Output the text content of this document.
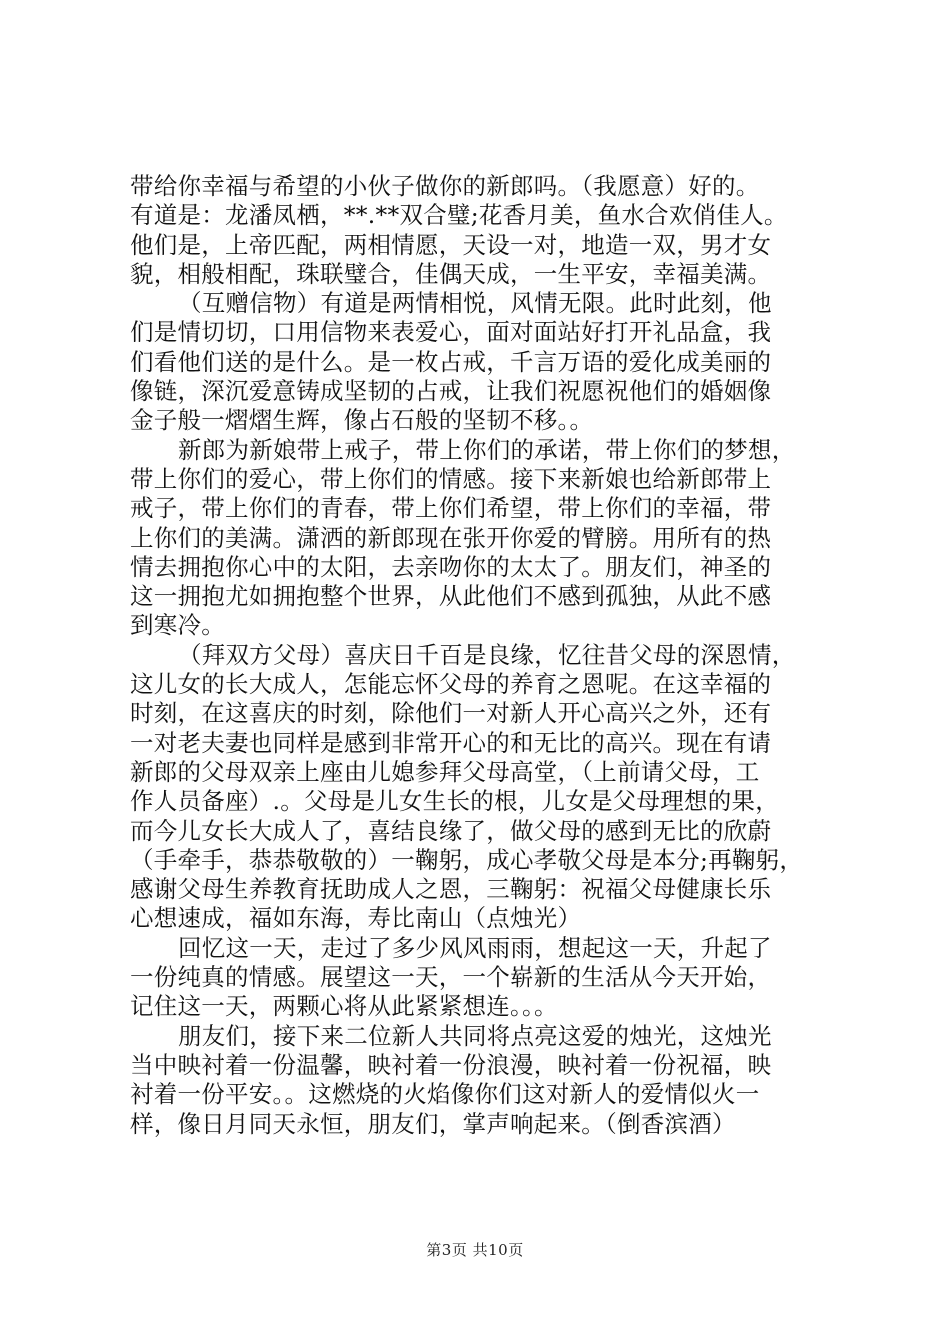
带给你幸福与希望的小伙子做你的新郎吗。（我愿意）好的。
有道是：龙潘凤栖，**.**双合璧;花香月美，鱼水合欢俏佳人。
他们是，上帝匹配，两相情愿，天设一对，地造一双，男才女
貌，相般相配，珠联璧合，佳偶天成，一生平安，幸福美满。
（互赠信物）有道是两情相悦，风情无限。此时此刻，他
们是情切切，口用信物来表爱心，面对面站好打开礼品盒，我
们看他们送的是什么。是一枚占戒，千言万语的爱化成美丽的
像链，深沉爱意铸成坚韧的占戒，让我们祝愿祝他们的婚姻像
金子般一熠熠生辉，像占石般的坚韧不移。。
新郎为新娘带上戒子，带上你们的承诺，带上你们的梦想，
带上你们的爱心，带上你们的情感。接下来新娘也给新郎带上
戒子，带上你们的青春，带上你们希望，带上你们的幸福，带
上你们的美满。潇洒的新郎现在张开你爱的臂膀。用所有的热
情去拥抱你心中的太阳，去亲吻你的太太了。朋友们，神圣的
这一拥抱尤如拥抱整个世界，从此他们不感到孤独，从此不感
到寒冷。
（拜双方父母）喜庆日千百是良缘，忆往昔父母的深恩情，
这儿女的长大成人，怎能忘怀父母的养育之恩呢。在这幸福的
时刻，在这喜庆的时刻，除他们一对新人开心高兴之外，还有
一对老夫妻也同样是感到非常开心的和无比的高兴。现在有请
新郎的父母双亲上座由儿媳参拜父母高堂，（上前请父母，工
作人员备座）.。父母是儿女生长的根，儿女是父母理想的果，
而今儿女长大成人了，喜结良缘了，做父母的感到无比的欣蔚
（手牵手，恭恭敬敬的）一鞠躬，成心孝敬父母是本分;再鞠躬，
感谢父母生养教育抚助成人之恩，三鞠躬：祝福父母健康长乐
心想速成，福如东海，寿比南山（点烛光）
回忆这一天，走过了多少风风雨雨，想起这一天，升起了
一份纯真的情感。展望这一天，一个崭新的生活从今天开始，
记住这一天，两颗心将从此紧紧想连。。。
朋友们，接下来二位新人共同将点亮这爱的烛光，这烛光
当中映衬着一份温馨，映衬着一份浪漫，映衬着一份祝福，映
衬着一份平安。。这燃烧的火焰像你们这对新人的爱情似火一
样，像日月同天永恒，朋友们，掌声响起来。（倒香滨酒）
第3页 共10页
